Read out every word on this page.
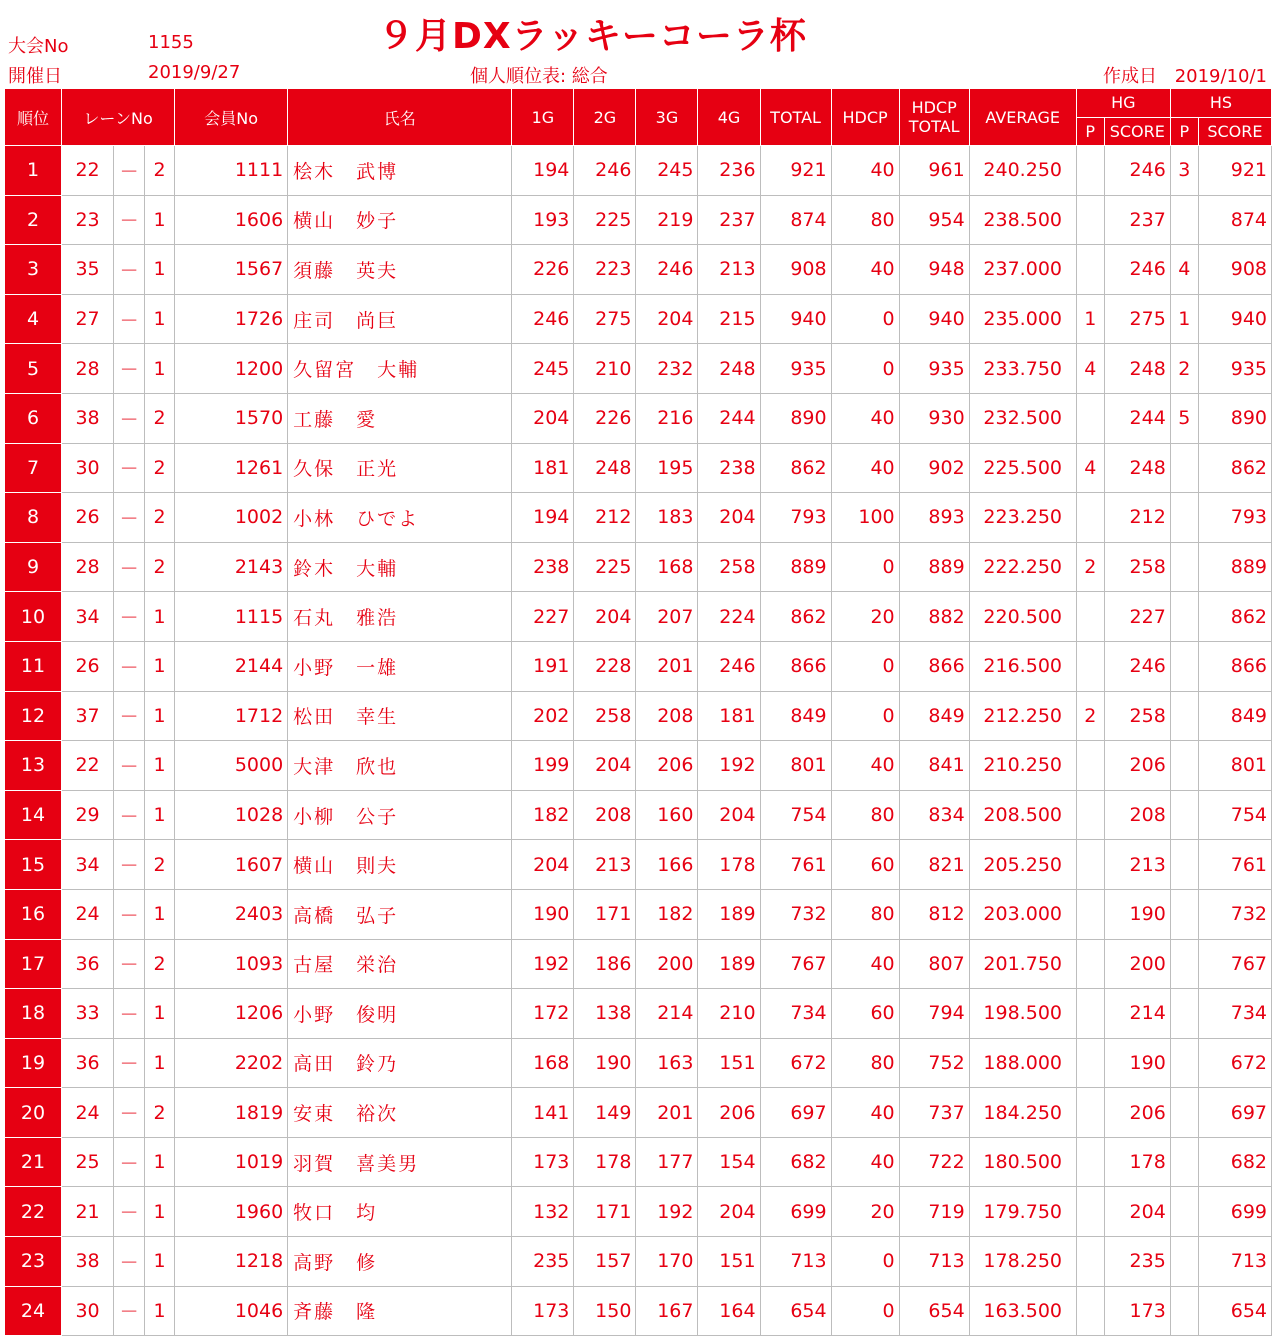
大会No	1155
開催日	2019/9/27
９月DXラッキーコーラ杯
個人順位表: 総合	作成日 2019/10/1
順位	レーンNo			会員No	氏名	1G	2G	3G	4G	TOTAL	HDCP	HDCP
TOTAL	AVERAGE	HG		HS	
														P	SCORE	P	SCORE
1	22	－	2	1111	桧木　武博	194	246	245	236	921	40	961	240.250		246	3	921
2	23	－	1	1606	横山　妙子	193	225	219	237	874	80	954	238.500		237		874
3	35	－	1	1567	須藤　英夫	226	223	246	213	908	40	948	237.000		246	4	908
4	27	－	1	1726	庄司　尚巨	246	275	204	215	940	0	940	235.000	1	275	1	940
5	28	－	1	1200	久留宮　大輔	245	210	232	248	935	0	935	233.750	4	248	2	935
6	38	－	2	1570	工藤　愛	204	226	216	244	890	40	930	232.500		244	5	890
7	30	－	2	1261	久保　正光	181	248	195	238	862	40	902	225.500	4	248		862
8	26	－	2	1002	小林　ひでよ	194	212	183	204	793	100	893	223.250		212		793
9	28	－	2	2143	鈴木　大輔	238	225	168	258	889	0	889	222.250	2	258		889
10	34	－	1	1115	石丸　雅浩	227	204	207	224	862	20	882	220.500		227		862
11	26	－	1	2144	小野　一雄	191	228	201	246	866	0	866	216.500		246		866
12	37	－	1	1712	松田　幸生	202	258	208	181	849	0	849	212.250	2	258		849
13	22	－	1	5000	大津　欣也	199	204	206	192	801	40	841	210.250		206		801
14	29	－	1	1028	小柳　公子	182	208	160	204	754	80	834	208.500		208		754
15	34	－	2	1607	横山　則夫	204	213	166	178	761	60	821	205.250		213		761
16	24	－	1	2403	高橋　弘子	190	171	182	189	732	80	812	203.000		190		732
17	36	－	2	1093	古屋　栄治	192	186	200	189	767	40	807	201.750		200		767
18	33	－	1	1206	小野　俊明	172	138	214	210	734	60	794	198.500		214		734
19	36	－	1	2202	高田　鈴乃	168	190	163	151	672	80	752	188.000		190		672
20	24	－	2	1819	安東　裕次	141	149	201	206	697	40	737	184.250		206		697
21	25	－	1	1019	羽賀　喜美男	173	178	177	154	682	40	722	180.500		178		682
22	21	－	1	1960	牧口　均	132	171	192	204	699	20	719	179.750		204		699
23	38	－	1	1218	高野　修	235	157	170	151	713	0	713	178.250		235		713
24	30	－	1	1046	斉藤　隆	173	150	167	164	654	0	654	163.500		173		654
